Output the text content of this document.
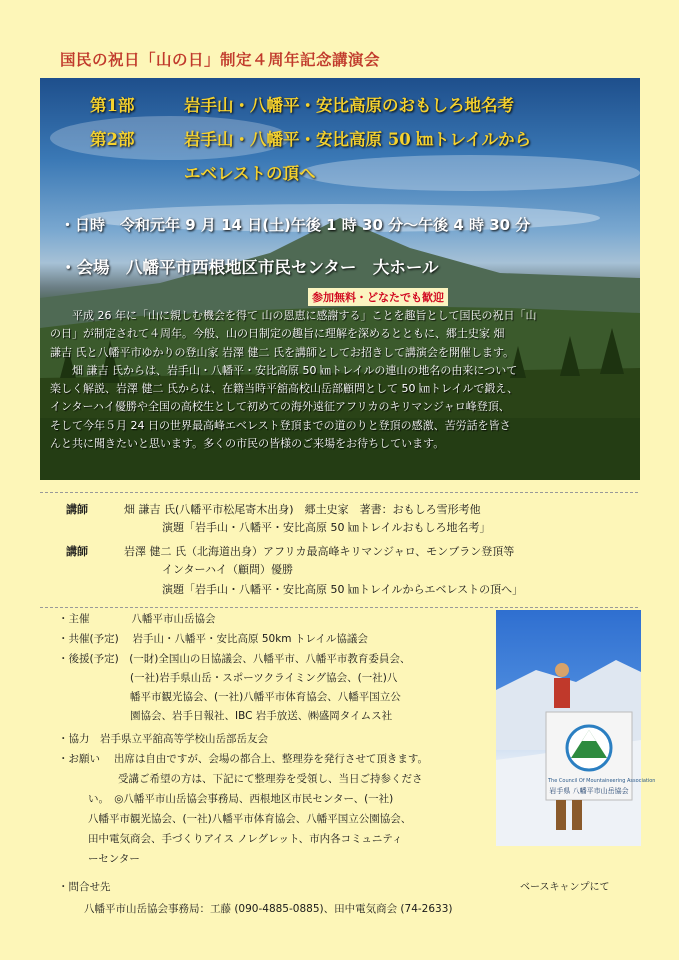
国民の祝日「山の日」制定４周年記念講演会
第1部	岩手山・八幡平・安比高原のおもしろ地名考
第2部	岩手山・八幡平・安比高原 50 ㎞トレイルから
エベレストの頂へ
・日時　令和元年 9 月 14 日(土)午後 1 時 30 分～午後 4 時 30 分
・会場　八幡平市西根地区市民センター　大ホール
参加無料・どなたでも歓迎

平成 26 年に「山に親しむ機会を得て 山の恩恵に感謝する」ことを趣旨として国民の祝日「山

の日」が制定されて４周年。今般、山の日制定の趣旨に理解を深めるとともに、郷土史家 畑

謙吉 氏と八幡平市ゆかりの登山家 岩澤 健二 氏を講師としてお招きして講演会を開催します。

畑 謙吉 氏からは、岩手山・八幡平・安比高原 50 ㎞トレイルの連山の地名の由来について

楽しく解説、岩澤 健二 氏からは、在籍当時平舘高校山岳部顧問として 50 ㎞トレイルで鍛え、

インターハイ優勝や全国の高校生として初めての海外遠征アフリカのキリマンジャロ峰登頂、

そして今年５月 24 日の世界最高峰エベレスト登頂までの道のりと登頂の感激、苦労話を皆さ

んと共に聞きたいと思います。多くの市民の皆様のご来場をお待ちしています。

講師	畑 謙吉 氏(八幡平市松尾寄木出身)　郷土史家　著書：おもしろ雪形考他
演題「岩手山・八幡平・安比高原 50 ㎞トレイルおもしろ地名考」
講師	岩澤 健二 氏（北海道出身）アフリカ最高峰キリマンジャロ、モンブラン登頂等
インターハイ（顧問）優勝
演題「岩手山・八幡平・安比高原 50 ㎞トレイルからエベレストの頂へ」
・主催　　　　八幡平市山岳協会
・共催(予定)　 岩手山・八幡平・安比高原 50km トレイル協議会
・後援(予定)　(一財)全国山の日協議会、八幡平市、八幡平市教育委員会、
(一社)岩手県山岳・スポーツクライミング協会、(一社)八
幡平市観光協会、(一社)八幡平市体育協会、八幡平国立公
園協会、岩手日報社、IBC 岩手放送、㈱盛岡タイムス社
・協力　岩手県立平舘高等学校山岳部岳友会
・お願い　 出席は自由ですが、会場の都合上、整理券を発行させて頂きます。
受講ご希望の方は、下記にて整理券を受領し、当日ご持参くださ
い。　◎八幡平市山岳協会事務局、西根地区市民センター、(一社)
八幡平市観光協会、(一社)八幡平市体育協会、八幡平国立公園協会、
田中電気商会、手づくりアイス ノレグレット、市内各コミュニティ
ーセンター
・問合せ先
八幡平市山岳協会事務局：工藤 (090-4885-0885)、田中電気商会 (74-2633)
The Council Of Mountaineering Association
岩手県 八幡平市山岳協会
ベースキャンプにて
